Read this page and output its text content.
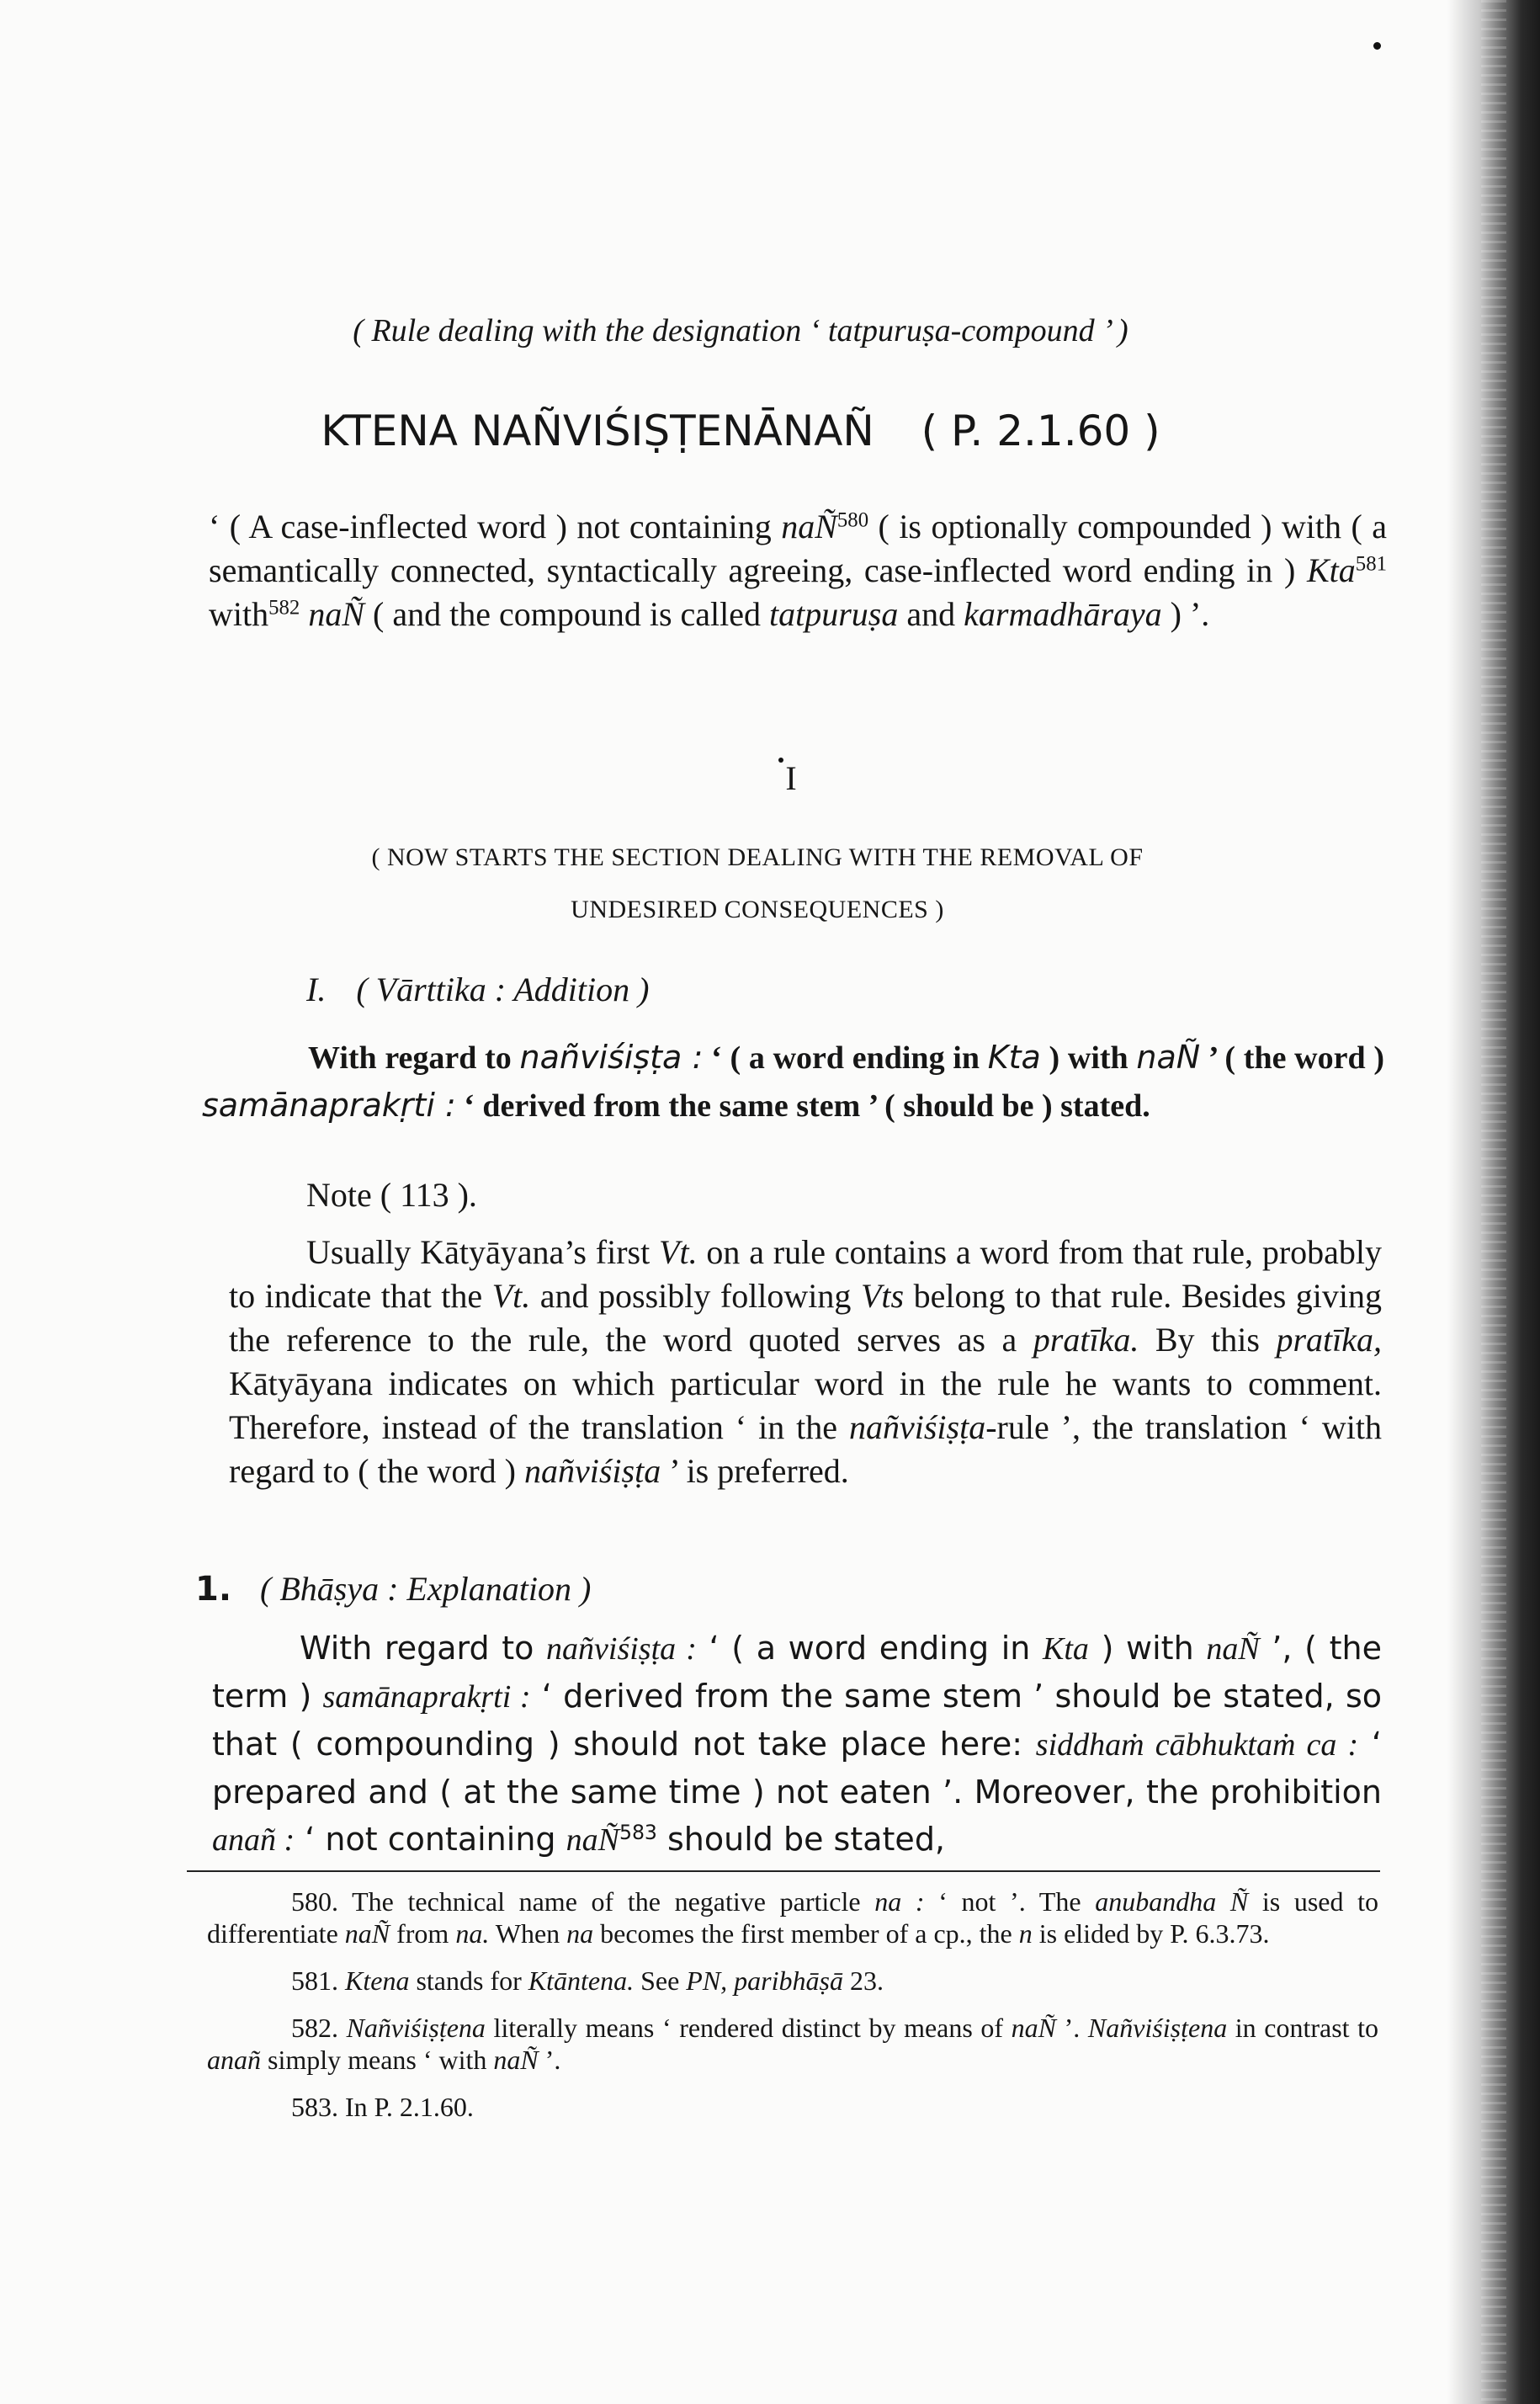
( Rule dealing with the designation ‘ tatpuruṣa-compound ’ )

KTENA NAÑVIŚIṢṬENĀNAÑ ( P. 2.1.60 )

‘ ( A case-inflected word ) not containing naÑ$^{580}$ ( is optionally compounded ) with ( a semantically connected, syntactically agreeing, case-inflected word ending in ) Kta$^{581}$ with$^{582}$ naÑ ( and the compound is called tatpuruṣa and karmadhāraya ) ’.

I
( NOW STARTS THE SECTION DEALING WITH THE REMOVAL OF
UNDESIRED CONSEQUENCES )
I. ( Vārttika : Addition )

With regard to nañviśiṣṭa : ‘ ( a word ending in Kta ) with naÑ ’ ( the word ) samānaprakṛti : ‘ derived from the same stem ’ ( should be ) stated.

Note ( 113 ).

Usually Kātyāyana’s first Vt. on a rule contains a word from that rule, probably to indicate that the Vt. and possibly following Vts belong to that rule. Besides giving the reference to the rule, the word quoted serves as a pratīka. By this pratīka, Kātyāyana indicates on which particular word in the rule he wants to comment. Therefore, instead of the translation ‘ in the nañviśiṣṭa-rule ’, the translation ‘ with regard to ( the word ) nañviśiṣṭa ’ is preferred.

1. ( Bhāṣya : Explanation )

With regard to nañviśiṣṭa : ‘ ( a word ending in Kta ) with naÑ ’, ( the term ) samānaprakṛti : ‘ derived from the same stem ’ should be stated, so that ( compounding ) should not take place here: siddhaṁ cābhuktaṁ ca : ‘ prepared and ( at the same time ) not eaten ’. Moreover, the prohibition anañ : ‘ not containing naÑ$^{583}$ should be stated,

580. The technical name of the negative particle na : ‘ not ’. The anubandha Ñ is used to differentiate naÑ from na. When na becomes the first member of a cp., the n is elided by P. 6.3.73.

581. Ktena stands for Ktāntena. See PN, paribhāṣā 23.

582. Nañviśiṣṭena literally means ‘ rendered distinct by means of naÑ ’. Nañviśiṣṭena in contrast to anañ simply means ‘ with naÑ ’.

583. In P. 2.1.60.
